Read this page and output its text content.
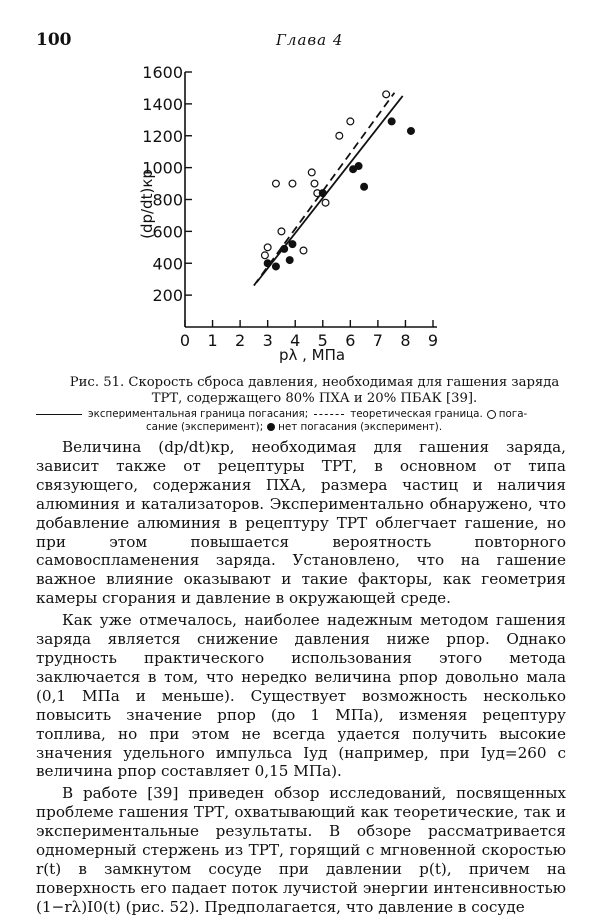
100	Глава 4
200
400
600
800
1000
1200
1400
1600
0 1 2 3 4 5 6 7 8 9
(dp/dt)кр
pλ , МПа
Рис. 51. Скорость сброса давления, необходимая для гашения заряда ТРТ, содержащего 80% ПХА и 20% ПБАК [39].
экспериментальная граница погасания;	теоретическая граница. пога-
сание (эксперимент); нет погасания (эксперимент).

Величина (dp/dt)кр, необходимая для гашения заряда, зависит также от рецептуры ТРТ, в основном от типа связующего, содержания ПХА, размера частиц и наличия алюминия и катализаторов. Экспериментально обнаружено, что добавление алюминия в рецептуру ТРТ облегчает гашение, но при этом повышается вероятность повторного самовоспламенения заряда. Установлено, что на гашение важное влияние оказывают и такие факторы, как геометрия камеры сгорания и давление в окружающей среде.

Как уже отмечалось, наиболее надежным методом гашения заряда является снижение давления ниже pпор. Однако трудность практического использования этого метода заключается в том, что нередко величина pпор довольно мала (0,1 МПа и меньше). Существует возможность несколько повысить значение pпор (до 1 МПа), изменяя рецептуру топлива, но при этом не всегда удается получить высокие значения удельного импульса Iуд (например, при Iуд=260 с величина pпор составляет 0,15 МПа).

В работе [39] приведен обзор исследований, посвященных проблеме гашения ТРТ, охватывающий как теоретические, так и экспериментальные результаты. В обзоре рассматривается одномерный стержень из ТРТ, горящий с мгновенной скоростью r(t) в замкнутом сосуде при давлении p(t), причем на поверхность его падает поток лучистой энергии интенсивностью (1−rλ)I0(t) (рис. 52). Предполагается, что давление в сосуде
